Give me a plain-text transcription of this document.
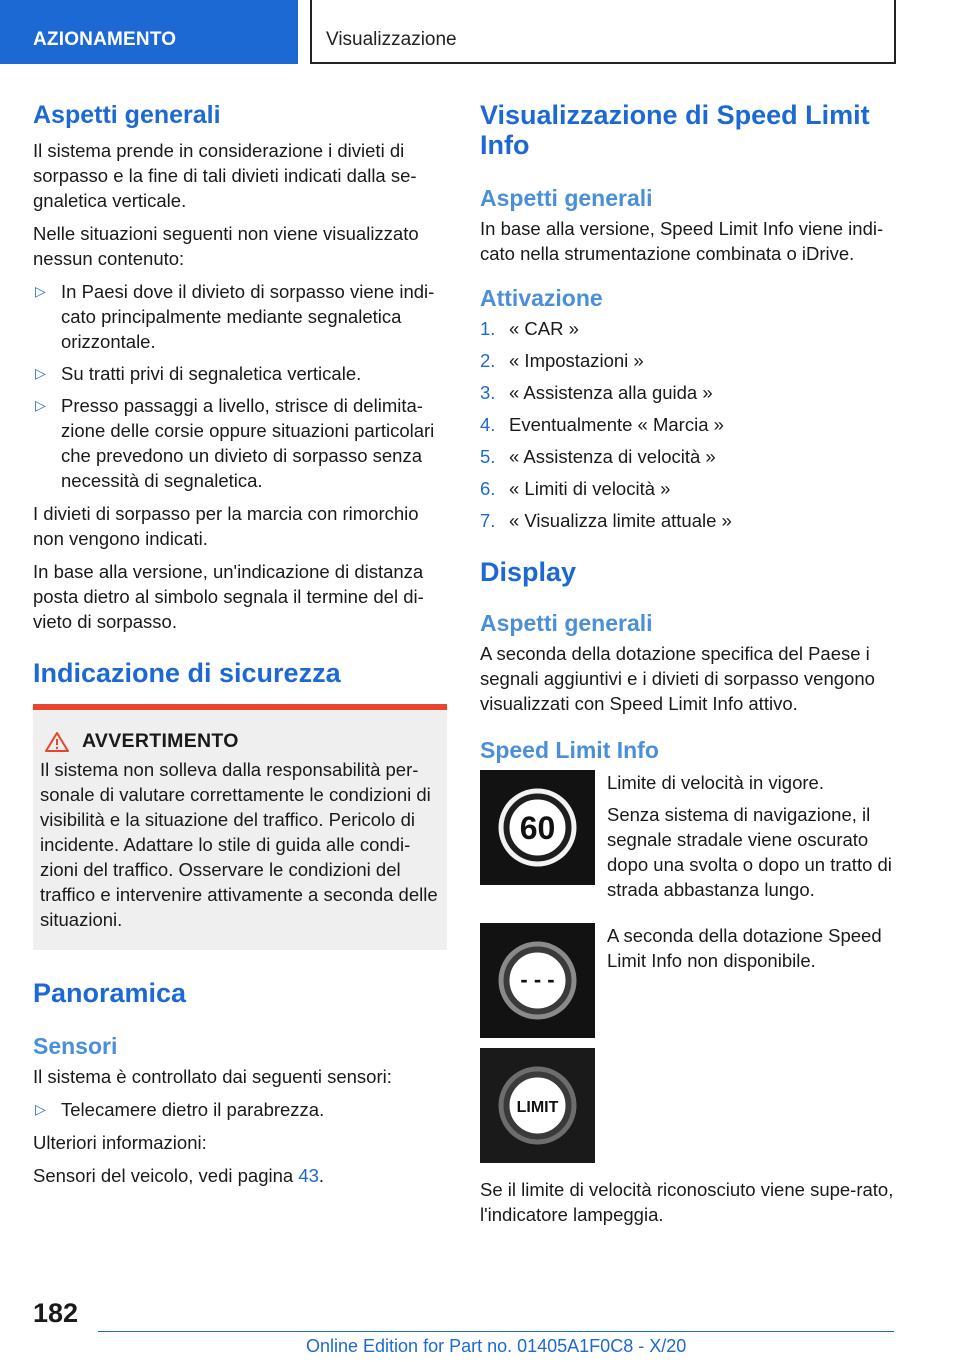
AZIONAMENTO	Visualizzazione
Aspetti generali

Il sistema prende in considerazione i divieti di sorpasso e la fine di tali divieti indicati dalla se-gnaletica verticale.

Nelle situazioni seguenti non viene visualizzato nessun contenuto:

▷ In Paesi dove il divieto di sorpasso viene indi-cato principalmente mediante segnaletica orizzontale.
▷ Su tratti privi di segnaletica verticale.
▷ Presso passaggi a livello, strisce di delimita-zione delle corsie oppure situazioni particolari che prevedono un divieto di sorpasso senza necessità di segnaletica.

I divieti di sorpasso per la marcia con rimorchio non vengono indicati.

In base alla versione, un'indicazione di distanza posta dietro al simbolo segnala il termine del di-vieto di sorpasso.

Indicazione di sicurezza
AVVERTIMENTO

Il sistema non solleva dalla responsabilità per-sonale di valutare correttamente le condizioni di visibilità e la situazione del traffico. Pericolo di incidente. Adattare lo stile di guida alle condi-zioni del traffico. Osservare le condizioni del traffico e intervenire attivamente a seconda delle situazioni.

Panoramica
Sensori

Il sistema è controllato dai seguenti sensori:

▷ Telecamere dietro il parabrezza.

Ulteriori informazioni:

Sensori del veicolo, vedi pagina 43.

Visualizzazione di Speed Limit Info
Aspetti generali

In base alla versione, Speed Limit Info viene indi-cato nella strumentazione combinata o iDrive.

Attivazione
1. « CAR »
2. « Impostazioni »
3. « Assistenza alla guida »
4. Eventualmente « Marcia »
5. « Assistenza di velocità »
6. « Limiti di velocità »
7. « Visualizza limite attuale »
Display
Aspetti generali

A seconda della dotazione specifica del Paese i segnali aggiuntivi e i divieti di sorpasso vengono visualizzati con Speed Limit Info attivo.

Speed Limit Info
60

Limite di velocità in vigore.

Senza sistema di navigazione, il segnale stradale viene oscurato dopo una svolta o dopo un tratto di strada abbastanza lungo.

- - -

A seconda della dotazione Speed Limit Info non disponibile.

LIMIT

Se il limite di velocità riconosciuto viene supe-rato, l'indicatore lampeggia.

182
Online Edition for Part no. 01405A1F0C8 - X/20
